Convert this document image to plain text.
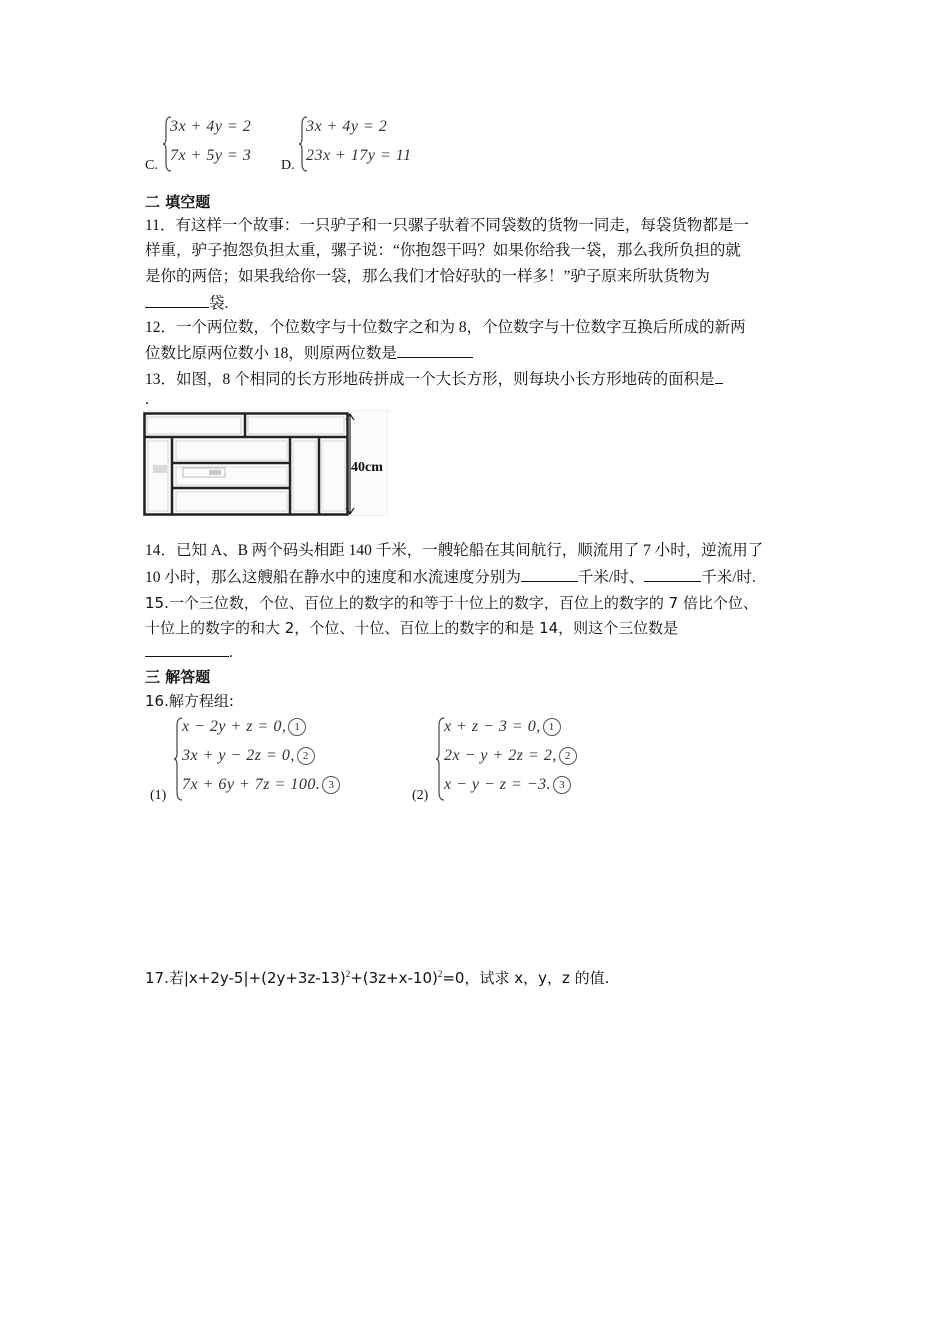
C.
3x + 4y = 2
7x + 5y = 3
D.
3x + 4y = 2
23x + 17y = 11
二 填空题
11．有这样一个故事：一只驴子和一只骡子驮着不同袋数的货物一同走，每袋货物都是一
样重，驴子抱怨负担太重，骡子说：“你抱怨干吗？如果你给我一袋，那么我所负担的就
是你的两倍；如果我给你一袋，那么我们才恰好驮的一样多！”驴子原来所驮货物为
袋.
12．一个两位数，个位数字与十位数字之和为 8，个位数字与十位数字互换后所成的新两
位数比原两位数小 18，则原两位数是
13．如图，8 个相同的长方形地砖拼成一个大长方形，则每块小长方形地砖的面积是
.
40cm
14．已知 A、B 两个码头相距 140 千米，一艘轮船在其间航行，顺流用了 7 小时，逆流用了
10 小时，那么这艘船在静水中的速度和水流速度分别为	千米/时、	千米/时.
15.一个三位数，个位、百位上的数字的和等于十位上的数字，百位上的数字的 7 倍比个位、
十位上的数字的和大 2，个位、十位、百位上的数字的和是 14，则这个三位数是
.
三 解答题
16.解方程组:
(1)
x − 2y + z = 0, 1
3x + y − 2z = 0, 2
7x + 6y + 7z = 100. 3
(2)
x + z − 3 = 0, 1
2x − y + 2z = 2, 2
x − y − z = −3. 3
17.若$|x+2y-5|+(2y+3z-13)^2+(3z+x-10)^2=0$，试求 x，y，z 的值.
